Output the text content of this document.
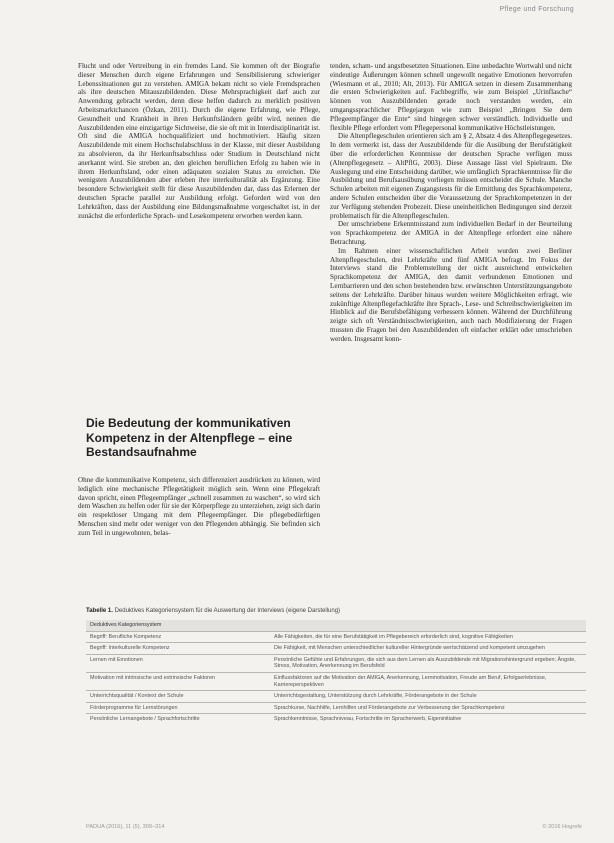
Pflege und Forschung

Flucht und oder Vertreibung in ein fremdes Land. Sie kommen oft der Biografie dieser Menschen durch eigene Erfahrungen und Sensibilisierung schwieriger Lebenssituationen gut zu verstehen. AMIGA bekam nicht so viele Fremdsprachen als ihre deutschen Mitauszubildenden. Diese Mehrsprachigkeit darf auch zur Anwendung gebracht werden, denn diese helfen dadurch zu merklich positiven Arbeitsmarktchancen (Özkan, 2011). Durch die eigene Erfahrung, wie Pflege, Gesundheit und Krankheit in ihren Herkunftsländern geübt wird, nennen die Auszubildenden eine einzigartige Sichtweise, die sie oft mit in Interdisziplinarität ist. Oft sind die AMIGA hochqualifiziert und hochmotiviert. Häufig sitzen Auszubildende mit einem Hochschulabschluss in der Klasse, mit dieser Ausbildung zu absolvieren, da ihr Herkunftsabschluss oder Studium in Deutschland nicht anerkannt wird. Sie streben an, den gleichen beruflichen Erfolg zu haben wie in ihrem Herkunftsland, oder einen adäquaten sozialen Status zu erreichen. Die wenigsten Auszubildenden aber erleben ihre interkulturalität als Ergänzung. Eine besondere Schwierigkeit stellt für diese Auszubildenden dar, dass das Erlernen der deutschen Sprache parallel zur Ausbildung erfolgt. Gefordert wird von den Lehrkräften, dass der Ausbildung eine Bildungsmaßnahme vorgeschaltet ist, in der zunächst die erforderliche Sprach- und Lesekompetenz erworben werden kann.

Die Bedeutung der kommunikativen Kompetenz in der Altenpflege – eine Bestandsaufnahme

Ohne die kommunikative Kompetenz, sich differenziert ausdrücken zu können, wird lediglich eine mechanische Pflegetätigkeit möglich sein. Wenn eine Pflegekraft davon spricht, einen Pflegeempfänger „schnell zusammen zu waschen“, so wird sich dem Waschen zu helfen oder für sie der Körperpflege zu unterziehen, zeigt sich darin ein respektloser Umgang mit dem Pflegeempfänger. Die pflegebedürftigen Menschen sind mehr oder weniger von den Pflegenden abhängig. Sie befinden sich zum Teil in ungewohnten, belas-

tenden, scham- und angstbesetzten Situationen. Eine unbedachte Wortwahl und nicht eindeutige Äußerungen können schnell ungewollt negative Emotionen hervorrufen (Wiesmann et al., 2010; Alt, 2013). Für AMIGA setzen in diesem Zusammenhang die ersten Schwierigkeiten auf. Fachbegriffe, wie zum Beispiel „Urinflasche“ können von Auszubildenden gerade noch verstanden werden, ein umgangssprachlicher Pflegejargon wie zum Beispiel „Bringen Sie dem Pflegeempfänger die Ente“ sind hingegen schwer verständlich. Individuelle und flexible Pflege erfordert vom Pflegepersonal kommunikative Höchstleistungen.

Die Altenpflegeschulen orientieren sich am § 2, Absatz 4 des Altenpflegegesetzes. In dem vermerkt ist, dass der Auszubildende für die Ausübung der Berufstätigkeit über die erforderlichen Kenntnisse der deutschen Sprache verfügen muss (Altenpflegegesetz – AltPflG, 2003). Diese Aussage lässt viel Spielraum. Die Auslegung und eine Entscheidung darüber, wie umfänglich Sprachkenntnisse für die Ausbildung und Berufsausübung vorliegen müssen entscheidet die Schule. Manche Schulen arbeiten mit eigenen Zugangstests für die Ermittlung des Sprachkompetenz, andere Schulen entscheiden über die Voraussetzung der Sprachkompetenzen in der zur Verfügung stehenden Probezeit. Diese uneinheitlichen Bedingungen sind derzeit problematisch für die Altenpflegeschulen.

Der umschriebene Erkenntnisstand zum individuellen Bedarf in der Beurteilung von Sprachkompetenz der AMIGA in der Altenpflege erfordert eine nähere Betrachtung.

Im Rahmen einer wissenschaftlichen Arbeit wurden zwei Berliner Altenpflegeschulen, drei Lehrkräfte und fünf AMIGA befragt. Im Fokus der Interviews stand die Problemstellung der nicht ausreichend entwickelten Sprachkompetenz der AMIGA, den damit verbundenen Emotionen und Lernbarrieren und den schon bestehenden bzw. erwünschten Unterstützungsangebote seitens der Lehrkräfte. Darüber hinaus wurden weitere Möglichkeiten erfragt, wie zukünftige Altenpflegefachkräfte ihre Sprach-, Lese- und Schreibschwierigkeiten im Hinblick auf die Berufsbefähigung verbessern können. Während der Durchführung zeigte sich oft Verständnisschwierigkeiten, auch nach Modifizierung der Fragen mussten die Fragen bei den Auszubildenden oft einfacher erklärt oder umschrieben werden. Insgesamt konn-

Tabelle 1. Deduktives Kategoriensystem für die Auswertung der Interviews (eigene Darstellung)
Deduktives Kategoriensystem	
Begriff: Berufliche Kompetenz	Alle Fähigkeiten, die für eine Berufstätigkeit im Pflegebereich erforderlich sind, kognitive Fähigkeiten
Begriff: Interkulturelle Kompetenz	Die Fähigkeit, mit Menschen unterschiedlicher kultureller Hintergründe wertschätzend und kompetent umzugehen
Lernen mit Emotionen	Persönliche Gefühle und Erfahrungen, die sich aus dem Lernen als Auszubildende mit Migrationshintergrund ergeben; Ängste, Stress, Motivation, Anerkennung im Berufsfeld
Motivation mit intrinsische und extrinsische Faktoren	Einflussfaktoren auf die Motivation der AMIGA, Anerkennung, Lernmotivation, Freude am Beruf, Erfolgserlebnisse, Karriereperspektiven
Unterrichtsqualität / Kontext der Schule	Unterrichtsgestaltung, Unterstützung durch Lehrkräfte, Förderangebote in der Schule
Förderprogramme für Lernstörungen	Sprachkurse, Nachhilfe, Lernhilfen und Förderangebote zur Verbesserung der Sprachkompetenz
Persönliche Lernangebote / Sprachfortschritte	Sprachkenntnisse, Sprachniveau, Fortschritte im Spracherwerb, Eigeninitiative
PADUA (2016), 11 (5), 309–314	© 2016 Hogrefe
